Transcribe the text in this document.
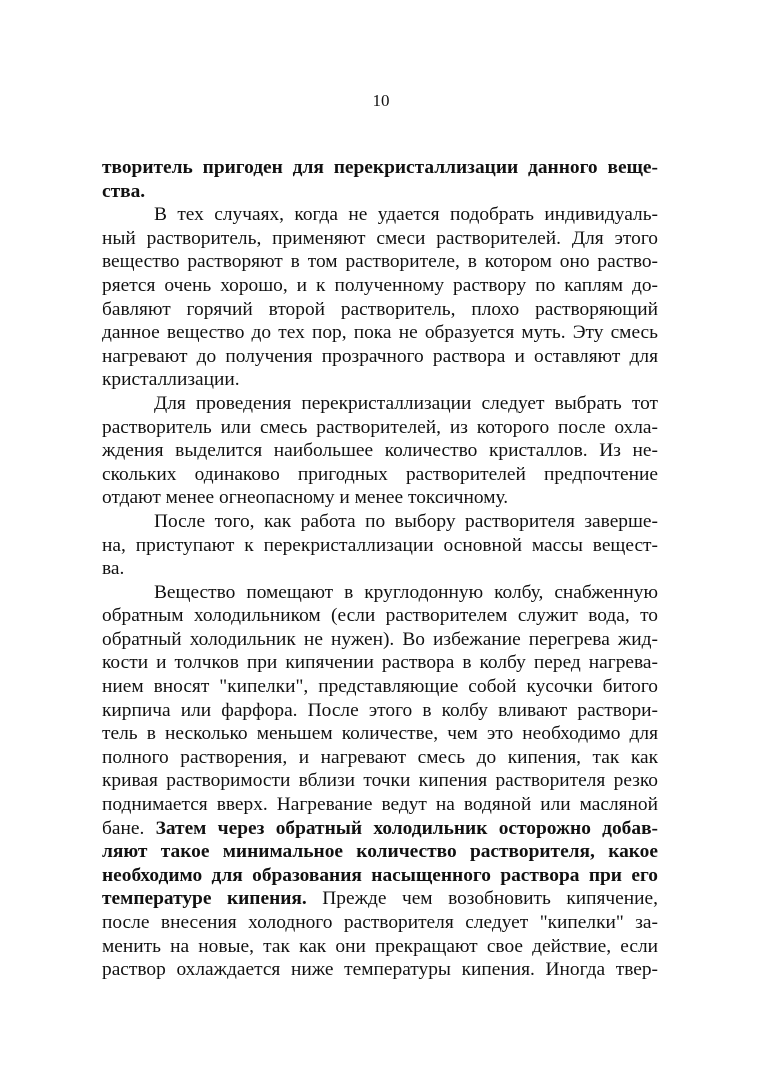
10
творитель пригоден для перекристаллизации данного веще-
ства.
В тех случаях, когда не удается подобрать индивидуаль-
ный растворитель, применяют смеси растворителей. Для этого
вещество растворяют в том растворителе, в котором оно раство-
ряется очень хорошо, и к полученному раствору по каплям до-
бавляют горячий второй растворитель, плохо растворяющий
данное вещество до тех пор, пока не образуется муть. Эту смесь
нагревают до получения прозрачного раствора и оставляют для
кристаллизации.
Для проведения перекристаллизации следует выбрать тот
растворитель или смесь растворителей, из которого после охла-
ждения выделится наибольшее количество кристаллов. Из не-
скольких одинаково пригодных растворителей предпочтение
отдают менее огнеопасному и менее токсичному.
После того, как работа по выбору растворителя заверше-
на, приступают к перекристаллизации основной массы вещест-
ва.
Вещество помещают в круглодонную колбу, снабженную
обратным холодильником (если растворителем служит вода, то
обратный холодильник не нужен). Во избежание перегрева жид-
кости и толчков при кипячении раствора в колбу перед нагрева-
нием вносят "кипелки", представляющие собой кусочки битого
кирпича или фарфора. После этого в колбу вливают раствори-
тель в несколько меньшем количестве, чем это необходимо для
полного растворения, и нагревают смесь до кипения, так как
кривая растворимости вблизи точки кипения растворителя резко
поднимается вверх. Нагревание ведут на водяной или масляной
бане. Затем через обратный холодильник осторожно добав-
ляют такое минимальное количество растворителя, какое
необходимо для образования насыщенного раствора при его
температуре кипения. Прежде чем возобновить кипячение,
после внесения холодного растворителя следует "кипелки" за-
менить на новые, так как они прекращают свое действие, если
раствор охлаждается ниже температуры кипения. Иногда твер-
